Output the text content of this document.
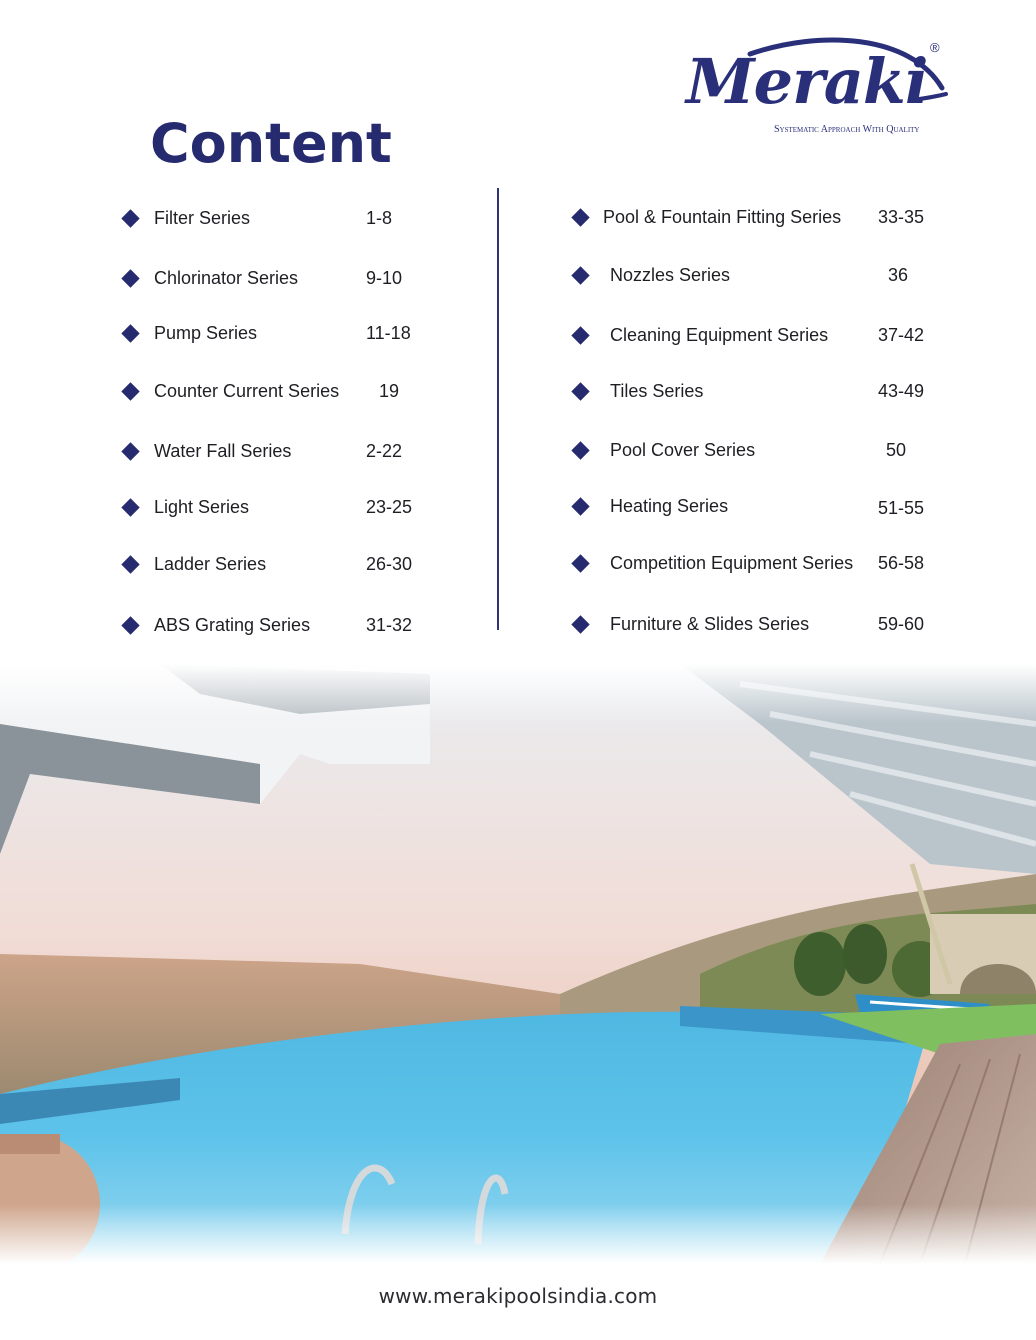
Meraki ®
Systematic Approach With Quality
Content
Filter Series	1-8
Chlorinator Series	9-10
Pump Series	11-18
Counter Current Series 19
Water Fall Series	2-22
Light Series	23-25
Ladder Series	26-30
ABS Grating Series	31-32
Pool & Fountain Fitting Series 33-35
Nozzles Series	36
Cleaning Equipment Series	37-42
Tiles Series	43-49
Pool Cover Series	50
Heating Series	51-55
Competition Equipment Series 56-58
Furniture & Slides Series	59-60
www.merakipoolsindia.com
